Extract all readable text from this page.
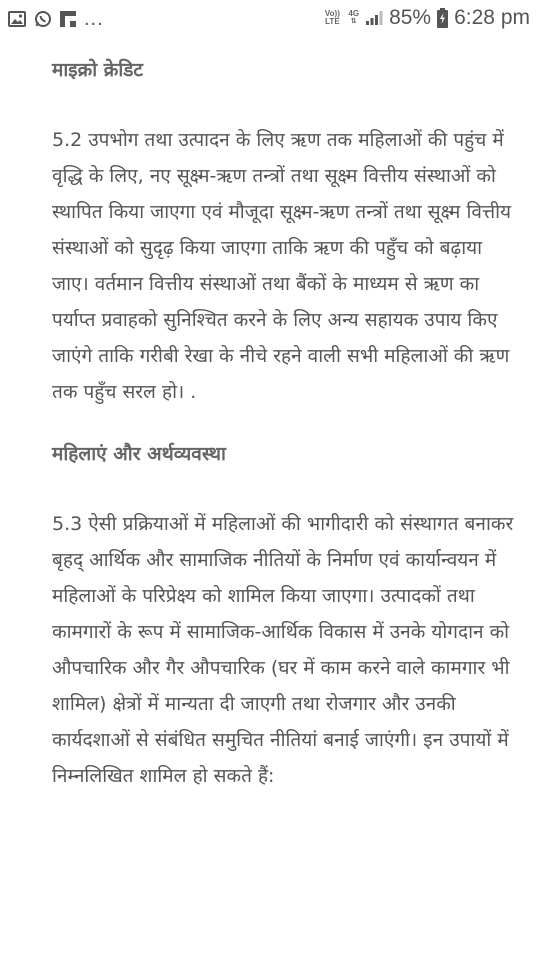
...	Vo)) LTE
4G
⇅ 85% 6:28 pm
माइक्रो क्रेडिट

5.2 उपभोग तथा उत्पादन के लिए ऋण तक महिलाओं की पहुंच में वृद्धि के लिए, नए सूक्ष्म-ऋण तन्त्रों तथा सूक्ष्म वित्तीय संस्थाओं को स्थापित किया जाएगा एवं मौजूदा सूक्ष्म-ऋण तन्त्रों तथा सूक्ष्म वित्तीय संस्थाओं को सुदृढ़ किया जाएगा ताकि ऋण की पहुँच को बढ़ाया जाए। वर्तमान वित्तीय संस्थाओं तथा बैंकों के माध्यम से ऋण का पर्याप्त प्रवाहको सुनिश्चित करने के लिए अन्य सहायक उपाय किए जाएंगे ताकि गरीबी रेखा के नीचे रहने वाली सभी महिलाओं की ऋण तक पहुँच सरल हो। .

महिलाएं और अर्थव्यवस्था

5.3 ऐसी प्रक्रियाओं में महिलाओं की भागीदारी को संस्थागत बनाकर बृहद् आर्थिक और सामाजिक नीतियों के निर्माण एवं कार्यान्वयन में महिलाओं के परिप्रेक्ष्य को शामिल किया जाएगा। उत्पादकों तथा कामगारों के रूप में सामाजिक-आर्थिक विकास में उनके योगदान को औपचारिक और गैर औपचारिक (घर में काम करने वाले कामगार भी शामिल) क्षेत्रों में मान्यता दी जाएगी तथा रोजगार और उनकी कार्यदशाओं से संबंधित समुचित नीतियां बनाई जाएंगी। इन उपायों में निम्नलिखित शामिल हो सकते हैं:
